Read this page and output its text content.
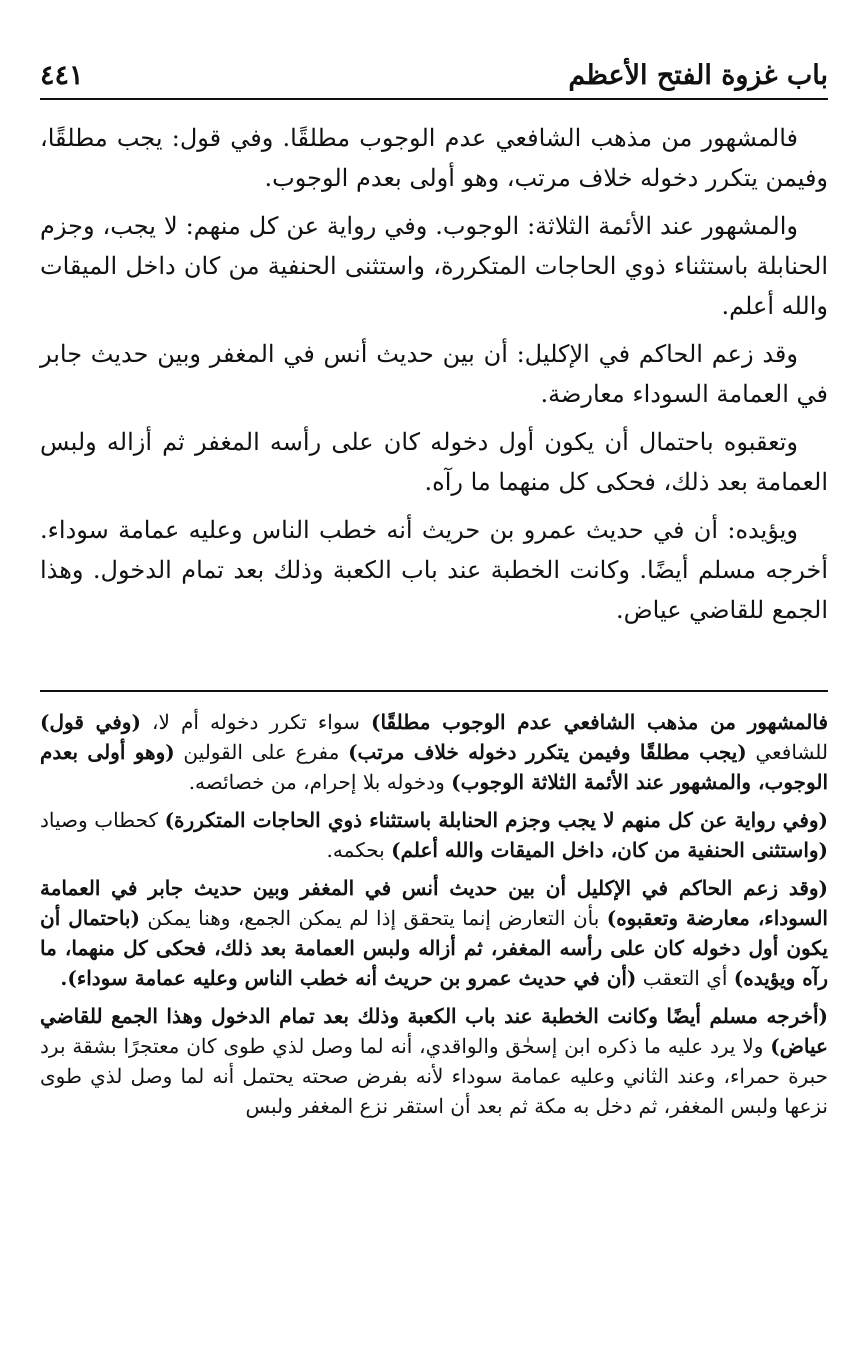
باب غزوة الفتح الأعظم
٤٤١

فالمشهور من مذهب الشافعي عدم الوجوب مطلقًا. وفي قول: يجب مطلقًا، وفيمن يتكرر دخوله خلاف مرتب، وهو أولى بعدم الوجوب.

والمشهور عند الأئمة الثلاثة: الوجوب. وفي رواية عن كل منهم: لا يجب، وجزم الحنابلة باستثناء ذوي الحاجات المتكررة، واستثنى الحنفية من كان داخل الميقات والله أعلم.

وقد زعم الحاكم في الإكليل: أن بين حديث أنس في المغفر وبين حديث جابر في العمامة السوداء معارضة.

وتعقبوه باحتمال أن يكون أول دخوله كان على رأسه المغفر ثم أزاله ولبس العمامة بعد ذلك، فحكى كل منهما ما رآه.

ويؤيده: أن في حديث عمرو بن حريث أنه خطب الناس وعليه عمامة سوداء. أخرجه مسلم أيضًا. وكانت الخطبة عند باب الكعبة وذلك بعد تمام الدخول. وهذا الجمع للقاضي عياض.

فالمشهور من مذهب الشافعي عدم الوجوب مطلقًا) سواء تكرر دخوله أم لا، (وفي قول) للشافعي (يجب مطلقًا وفيمن يتكرر دخوله خلاف مرتب) مفرع على القولين (وهو أولى بعدم الوجوب، والمشهور عند الأئمة الثلاثة الوجوب) ودخوله بلا إحرام، من خصائصه.

(وفي رواية عن كل منهم لا يجب وجزم الحنابلة باستثناء ذوي الحاجات المتكررة) كحطاب وصياد (واستثنى الحنفية من كان، داخل الميقات والله أعلم) بحكمه.

(وقد زعم الحاكم في الإكليل أن بين حديث أنس في المغفر وبين حديث جابر في العمامة السوداء، معارضة وتعقبوه) بأن التعارض إنما يتحقق إذا لم يمكن الجمع، وهنا يمكن (باحتمال أن يكون أول دخوله كان على رأسه المغفر، ثم أزاله ولبس العمامة بعد ذلك، فحكى كل منهما، ما رآه ويؤيده) أي التعقب (أن في حديث عمرو بن حريث أنه خطب الناس وعليه عمامة سوداء).

(أخرجه مسلم أيضًا وكانت الخطبة عند باب الكعبة وذلك بعد تمام الدخول وهذا الجمع للقاضي عياض) ولا يرد عليه ما ذكره ابن إسحٰق والواقدي، أنه لما وصل لذي طوى كان معتجرًا بشقة برد حبرة حمراء، وعند الثاني وعليه عمامة سوداء لأنه بفرض صحته يحتمل أنه لما وصل لذي طوى نزعها ولبس المغفر، ثم دخل به مكة ثم بعد أن استقر نزع المغفر ولبس
